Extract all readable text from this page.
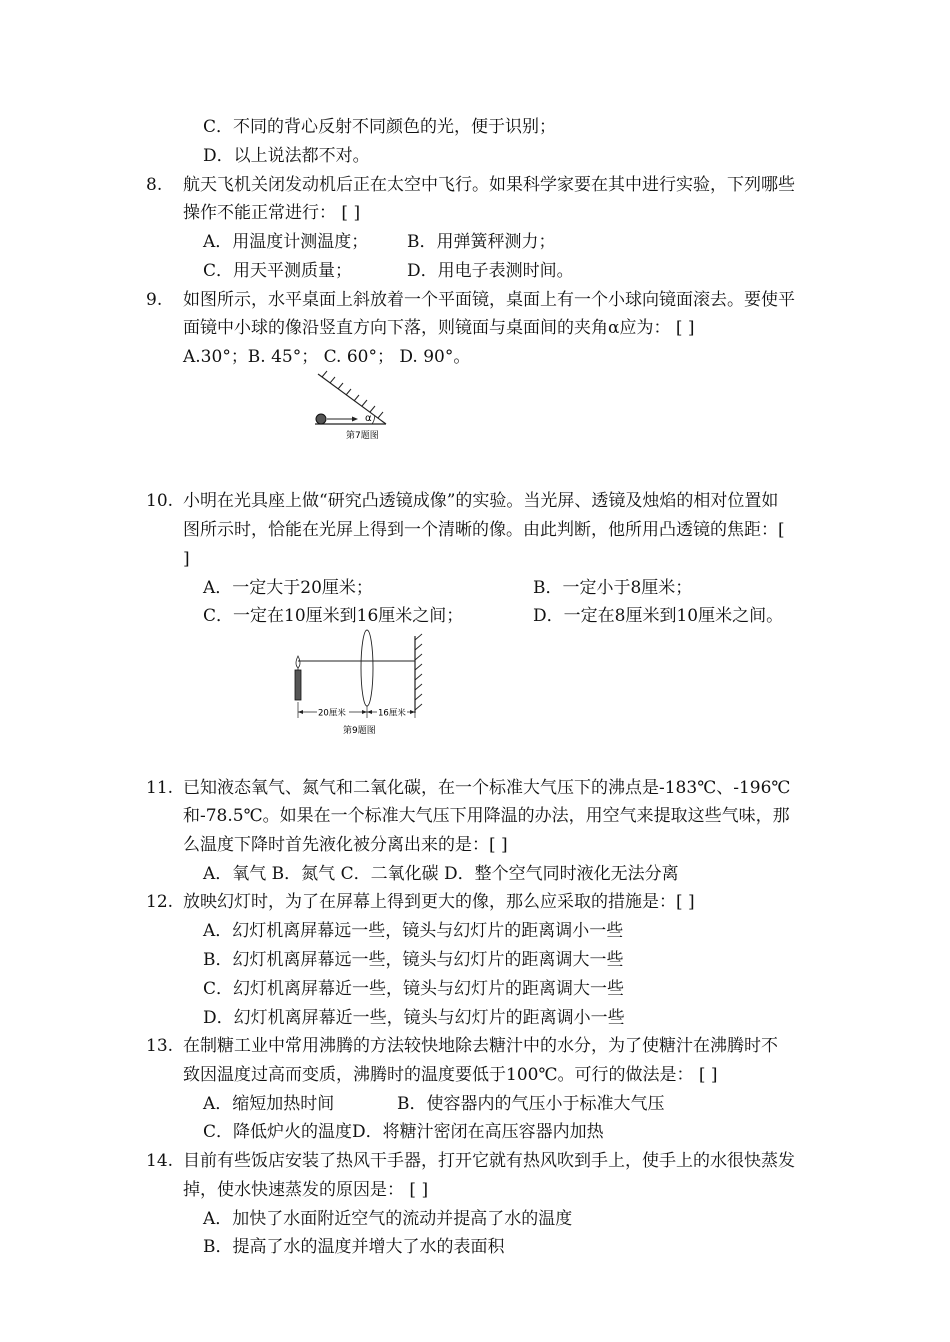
C．不同的背心反射不同颜色的光，便于识别；
D．以上说法都不对。
8. 航天飞机关闭发动机后正在太空中飞行。如果科学家要在其中进行实验，下列哪些
操作不能正常进行： [ ]
A．用温度计测温度； B．用弹簧秤测力；
C．用天平测质量；	D．用电子表测时间。
9. 如图所示，水平桌面上斜放着一个平面镜，桌面上有一个小球向镜面滚去。要使平
面镜中小球的像沿竖直方向下落，则镜面与桌面间的夹角α应为： [ ]
A.30°；B. 45°； C. 60°； D. 90°。
α
第7题图
10. 小明在光具座上做“研究凸透镜成像”的实验。当光屏、透镜及烛焰的相对位置如
图所示时，恰能在光屏上得到一个清晰的像。由此判断，他所用凸透镜的焦距：[
]
A．一定大于20厘米；	B．一定小于8厘米；
C．一定在10厘米到16厘米之间；	D．一定在8厘米到10厘米之间。
20厘米	16厘米
第9题图
11. 已知液态氧气、氮气和二氧化碳，在一个标准大气压下的沸点是-183℃、-196℃
和-78.5℃。如果在一个标准大气压下用降温的办法，用空气来提取这些气味，那
么温度下降时首先液化被分离出来的是：[ ]
A．氧气 B．氮气 C．二氧化碳 D．整个空气同时液化无法分离
12. 放映幻灯时，为了在屏幕上得到更大的像，那么应采取的措施是：[ ]
A．幻灯机离屏幕远一些，镜头与幻灯片的距离调小一些
B．幻灯机离屏幕远一些，镜头与幻灯片的距离调大一些
C．幻灯机离屏幕近一些，镜头与幻灯片的距离调大一些
D．幻灯机离屏幕近一些，镜头与幻灯片的距离调小一些
13. 在制糖工业中常用沸腾的方法较快地除去糖汁中的水分，为了使糖汁在沸腾时不
致因温度过高而变质，沸腾时的温度要低于100℃。可行的做法是： [ ]
A．缩短加热时间	B．使容器内的气压小于标准大气压
C．降低炉火的温度D．将糖汁密闭在高压容器内加热
14. 目前有些饭店安装了热风干手器，打开它就有热风吹到手上，使手上的水很快蒸发
掉，使水快速蒸发的原因是： [ ]
A．加快了水面附近空气的流动并提高了水的温度
B．提高了水的温度并增大了水的表面积
